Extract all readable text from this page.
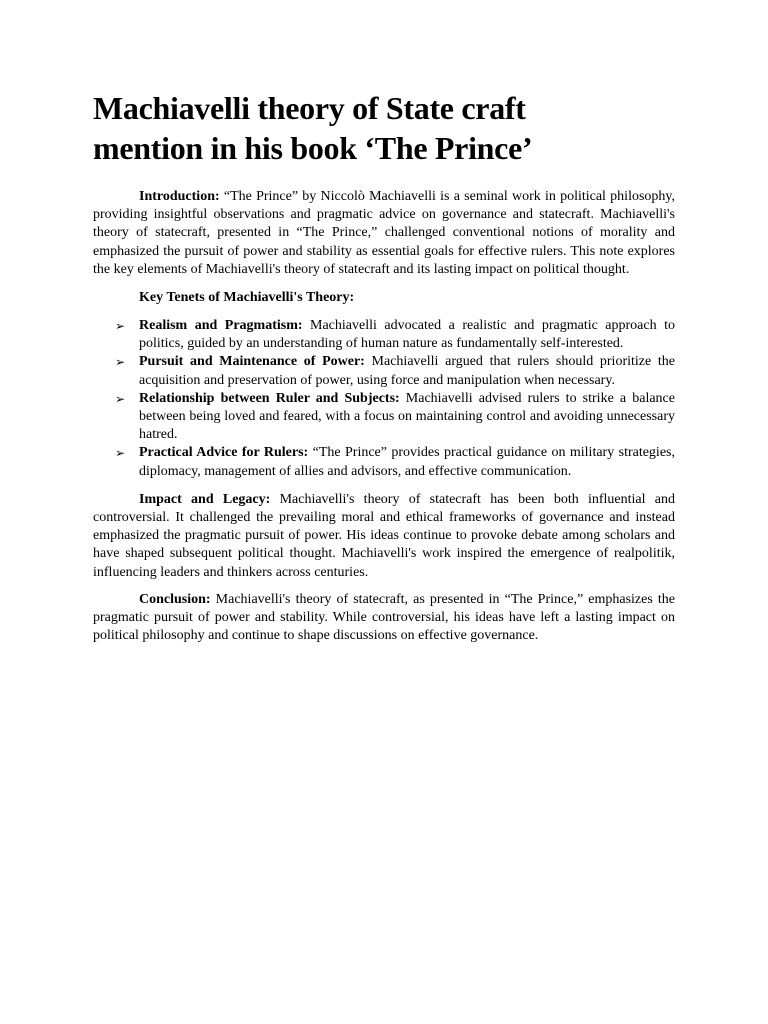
Machiavelli theory of State craft
mention in his book ‘The Prince’

Introduction: “The Prince” by Niccolò Machiavelli is a seminal work in political philosophy, providing insightful observations and pragmatic advice on governance and statecraft. Machiavelli's theory of statecraft, presented in “The Prince,” challenged conventional notions of morality and emphasized the pursuit of power and stability as essential goals for effective rulers. This note explores the key elements of Machiavelli's theory of statecraft and its lasting impact on political thought.

Key Tenets of Machiavelli's Theory:
➢ Realism and Pragmatism: Machiavelli advocated a realistic and pragmatic approach to politics, guided by an understanding of human nature as fundamentally self-interested.
➢ Pursuit and Maintenance of Power: Machiavelli argued that rulers should prioritize the acquisition and preservation of power, using force and manipulation when necessary.
➢ Relationship between Ruler and Subjects: Machiavelli advised rulers to strike a balance between being loved and feared, with a focus on maintaining control and avoiding unnecessary hatred.
➢ Practical Advice for Rulers: “The Prince” provides practical guidance on military strategies, diplomacy, management of allies and advisors, and effective communication.

Impact and Legacy: Machiavelli's theory of statecraft has been both influential and controversial. It challenged the prevailing moral and ethical frameworks of governance and instead emphasized the pragmatic pursuit of power. His ideas continue to provoke debate among scholars and have shaped subsequent political thought. Machiavelli's work inspired the emergence of realpolitik, influencing leaders and thinkers across centuries.

Conclusion: Machiavelli's theory of statecraft, as presented in “The Prince,” emphasizes the pragmatic pursuit of power and stability. While controversial, his ideas have left a lasting impact on political philosophy and continue to shape discussions on effective governance.
